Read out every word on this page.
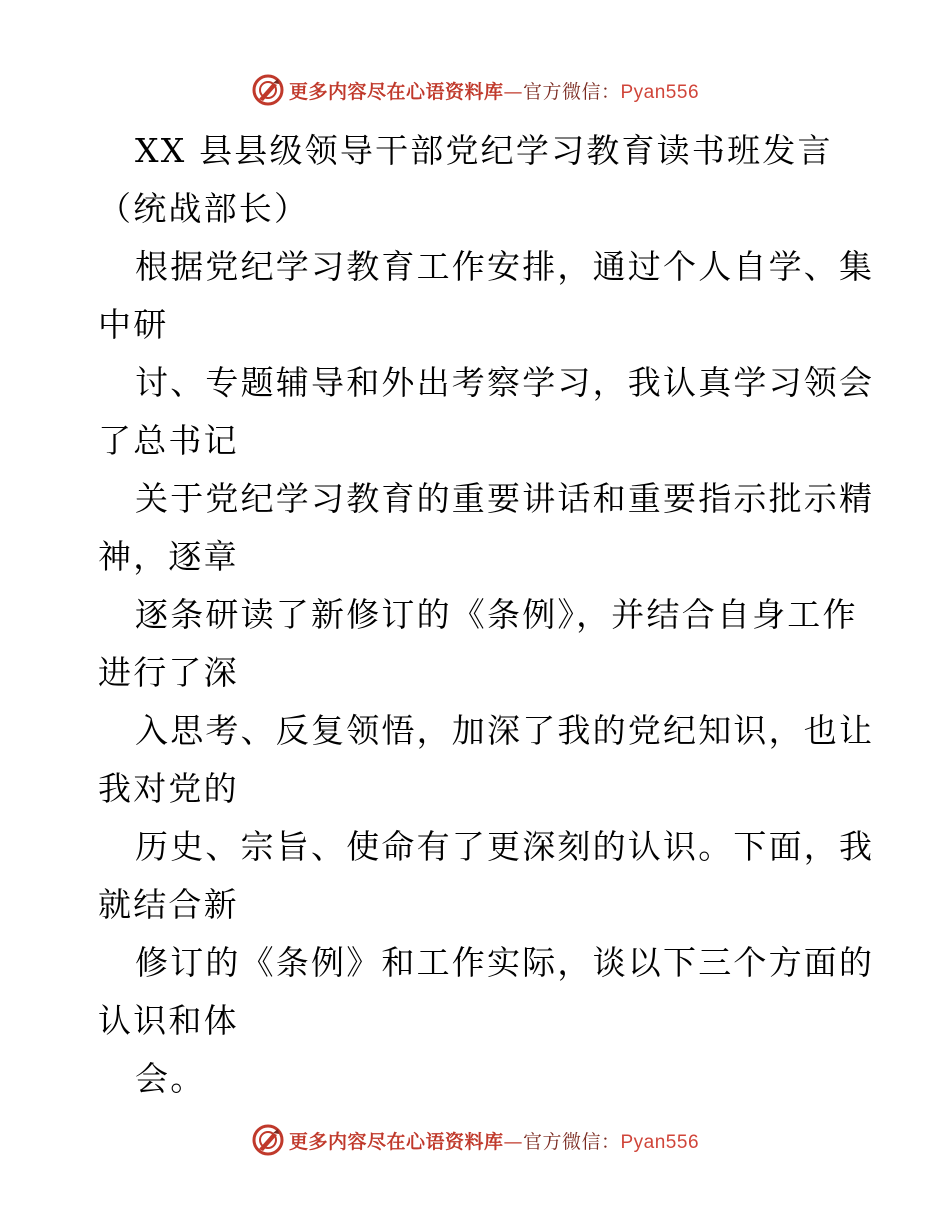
更多内容尽在心语资料库—官方微信：Pyan556
XX 县县级领导干部党纪学习教育读书班发言
（统战部长）
根据党纪学习教育工作安排，通过个人自学、集
中研
讨、专题辅导和外出考察学习，我认真学习领会
了总书记
关于党纪学习教育的重要讲话和重要指示批示精
神，逐章
逐条研读了新修订的《条例》，并结合自身工作
进行了深
入思考、反复领悟，加深了我的党纪知识，也让
我对党的
历史、宗旨、使命有了更深刻的认识。下面，我
就结合新
修订的《条例》和工作实际，谈以下三个方面的
认识和体
会。
更多内容尽在心语资料库—官方微信：Pyan556
